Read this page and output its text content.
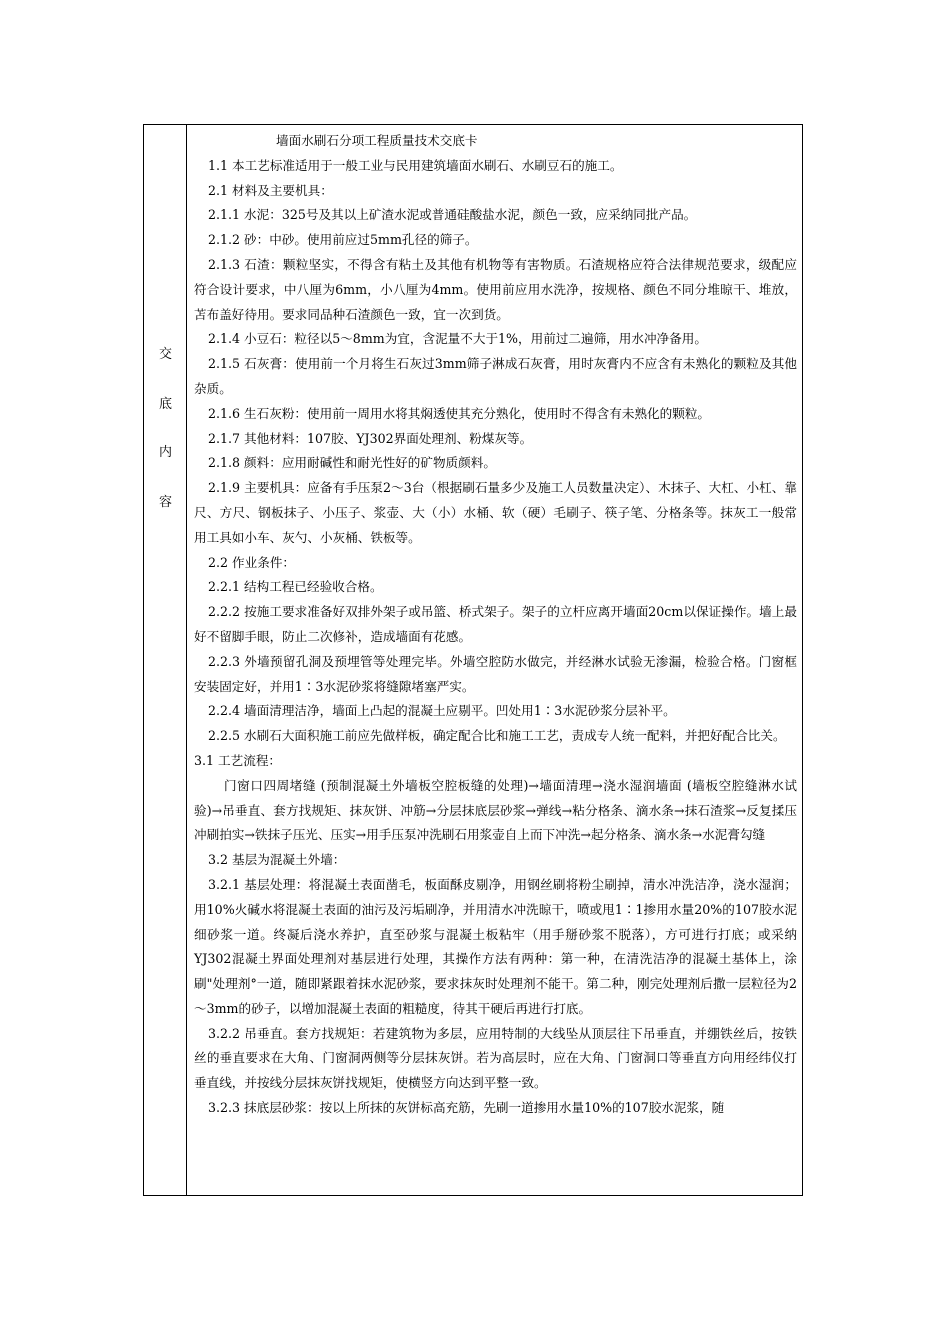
交
底
内
容

墙面水刷石分项工程质量技术交底卡

1.1 本工艺标准适用于一般工业与民用建筑墙面水刷石、水刷豆石的施工。

2.1 材料及主要机具：

2.1.1 水泥：325号及其以上矿渣水泥或普通硅酸盐水泥，颜色一致，应采纳同批产品。

2.1.2 砂：中砂。使用前应过5mm孔径的筛子。

2.1.3 石渣：颗粒坚实，不得含有粘土及其他有机物等有害物质。石渣规格应符合法律规范要求，级配应符合设计要求，中八厘为6mm，小八厘为4mm。使用前应用水洗净，按规格、颜色不同分堆晾干、堆放，苫布盖好待用。要求同品种石渣颜色一致，宜一次到货。

2.1.4 小豆石：粒径以5～8mm为宜，含泥量不大于1%，用前过二遍筛，用水冲净备用。

2.1.5 石灰膏：使用前一个月将生石灰过3mm筛子淋成石灰膏，用时灰膏内不应含有未熟化的颗粒及其他杂质。

2.1.6 生石灰粉：使用前一周用水将其焖透使其充分熟化，使用时不得含有未熟化的颗粒。

2.1.7 其他材料：107胶、YJ302界面处理剂、粉煤灰等。

2.1.8 颜料：应用耐碱性和耐光性好的矿物质颜料。

2.1.9 主要机具：应备有手压泵2～3台（根据刷石量多少及施工人员数量决定）、木抹子、大杠、小杠、靠尺、方尺、钢板抹子、小压子、浆壶、大（小）水桶、软（硬）毛刷子、筷子笔、分格条等。抹灰工一般常用工具如小车、灰勺、小灰桶、铁板等。

2.2 作业条件：

2.2.1 结构工程已经验收合格。

2.2.2 按施工要求准备好双排外架子或吊篮、桥式架子。架子的立杆应离开墙面20cm以保证操作。墙上最好不留脚手眼，防止二次修补，造成墙面有花感。

2.2.3 外墙预留孔洞及预埋管等处理完毕。外墙空腔防水做完，并经淋水试验无渗漏，检验合格。门窗框安装固定好，并用1∶3水泥砂浆将缝隙堵塞严实。

2.2.4 墙面清理洁净，墙面上凸起的混凝土应剔平。凹处用1∶3水泥砂浆分层补平。

2.2.5 水刷石大面积施工前应先做样板，确定配合比和施工工艺，责成专人统一配料，并把好配合比关。

3.1 工艺流程：

门窗口四周堵缝 (预制混凝土外墙板空腔板缝的处理)→墙面清理→浇水湿润墙面 (墙板空腔缝淋水试验)→吊垂直、套方找规矩、抹灰饼、冲筋→分层抹底层砂浆→弹线→粘分格条、滴水条→抹石渣浆→反复揉压冲刷拍实→铁抹子压光、压实→用手压泵冲洗刷石用浆壶自上而下冲洗→起分格条、滴水条→水泥膏勾缝

3.2 基层为混凝土外墙：

3.2.1 基层处理：将混凝土表面凿毛，板面酥皮剔净，用钢丝刷将粉尘刷掉，清水冲洗洁净，浇水湿润；用10%火碱水将混凝土表面的油污及污垢刷净，并用清水冲洗晾干，喷或甩1∶1掺用水量20%的107胶水泥细砂浆一道。终凝后浇水养护，直至砂浆与混凝土板粘牢（用手掰砂浆不脱落），方可进行打底；或采纳YJ302混凝土界面处理剂对基层进行处理，其操作方法有两种：第一种，在清洗洁净的混凝土基体上，涂刷"处理剂°一道，随即紧跟着抹水泥砂浆，要求抹灰时处理剂不能干。第二种，刚完处理剂后撒一层粒径为2～3mm的砂子，以增加混凝土表面的粗糙度，待其干硬后再进行打底。

3.2.2 吊垂直。套方找规矩：若建筑物为多层，应用特制的大线坠从顶层往下吊垂直，并绷铁丝后，按铁丝的垂直要求在大角、门窗洞两侧等分层抹灰饼。若为高层时，应在大角、门窗洞口等垂直方向用经纬仪打垂直线，并按线分层抹灰饼找规矩，使横竖方向达到平整一致。

3.2.3 抹底层砂浆：按以上所抹的灰饼标高充筋，先刷一道掺用水量10%的107胶水泥浆，随
